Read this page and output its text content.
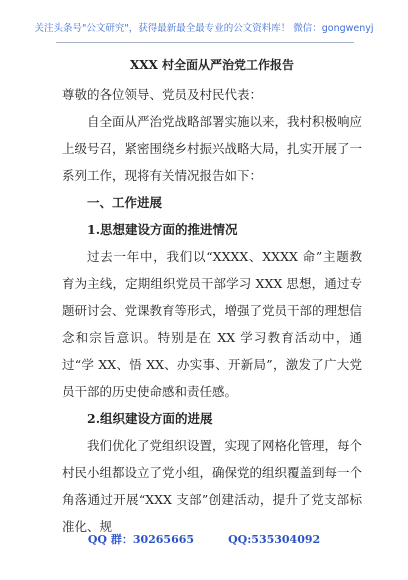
关注头条号"公文研究"，获得最新最全最专业的公文资料库！ 微信：gongwenyj
XXX 村全面从严治党工作报告

尊敬的各位领导、党员及村民代表：

自全面从严治党战略部署实施以来，我村积极响应上级号召，紧密围绕乡村振兴战略大局，扎实开展了一系列工作，现将有关情况报告如下：

一、工作进展

1.思想建设方面的推进情况

过去一年中，我们以“XXXX、XXXX 命”主题教育为主线，定期组织党员干部学习 XXX 思想，通过专题研讨会、党课教育等形式，增强了党员干部的理想信念和宗旨意识。特别是在 XX 学习教育活动中，通过“学 XX、悟 XX、办实事、开新局”，激发了广大党员干部的历史使命感和责任感。

2.组织建设方面的进展

我们优化了党组织设置，实现了网格化管理，每个村民小组都设立了党小组，确保党的组织覆盖到每一个角落通过开展“XXX 支部”创建活动，提升了党支部标准化、规

QQ 群：30265665	QQ:535304092
